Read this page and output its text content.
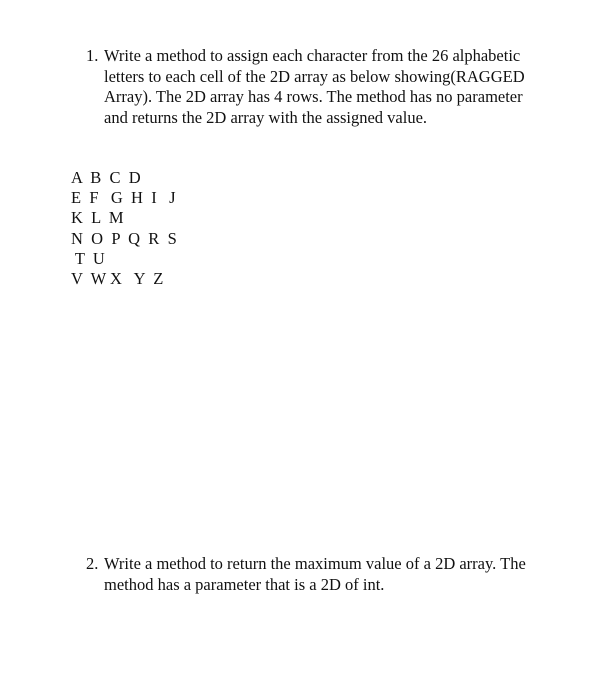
1. Write a method to assign each character from the 26 alphabetic letters to each cell of the 2D array as below showing(RAGGED Array). The 2D array has 4 rows. The method has no parameter and returns the 2D array with the assigned value.
A  B  C  D
E  F   G  H  I   J
K  L  M
N  O  P  Q  R  S
T  U
V  W X   Y  Z
2. Write a method to return the maximum value of a 2D array. The method has a parameter that is a 2D of int.
